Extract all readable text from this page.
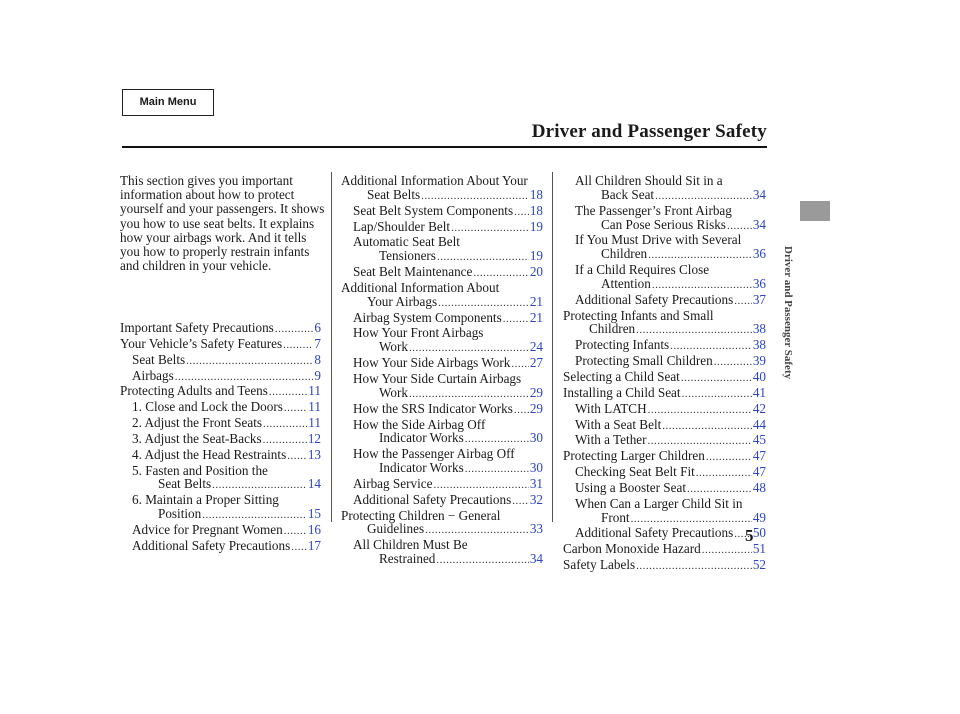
Main Menu
Driver and Passenger Safety
Driver and Passenger Safety

This section gives you important information about how to protect yourself and your passengers. It shows you how to use seat belts. It explains how your airbags work. And it tells you how to properly restrain infants and children in your vehicle.

Important Safety Precautions .....	6
Your Vehicle’s Safety Features ..... 7
Seat Belts .....	8
Airbags .....	9
Protecting Adults and Teens .....	11
1. Close and Lock the Doors ..... 11
2. Adjust the Front Seats .....	11
3. Adjust the Seat-Backs .....	12
4. Adjust the Head Restraints ..... 13
5. Fasten and Position the
Seat Belts .....	14
6. Maintain a Proper Sitting
Position .....	15
Advice for Pregnant Women ..... 16
Additional Safety Precautions ..... 17
Additional Information About Your
Seat Belts .....	18
Seat Belt System Components ..... 18
Lap/Shoulder Belt .....	19
Automatic Seat Belt
Tensioners .....	19
Seat Belt Maintenance .....	20
Additional Information About
Your Airbags .....	21
Airbag System Components ..... 21
How Your Front Airbags
Work .....	24
How Your Side Airbags Work ..... 27
How Your Side Curtain Airbags
Work .....	29
How the SRS Indicator Works ..... 29
How the Side Airbag Off
Indicator Works .....	30
How the Passenger Airbag Off
Indicator Works .....	30
Airbag Service .....	31
Additional Safety Precautions ..... 32
Protecting Children − General
Guidelines .....	33
All Children Must Be
Restrained .....	34
All Children Should Sit in a
Back Seat .....	34
The Passenger’s Front Airbag
Can Pose Serious Risks ..... 34
If You Must Drive with Several
Children .....	36
If a Child Requires Close
Attention .....	36
Additional Safety Precautions ..... 37
Protecting Infants and Small
Children .....	38
Protecting Infants .....	38
Protecting Small Children .....	39
Selecting a Child Seat .....	40
Installing a Child Seat .....	41
With LATCH .....	42
With a Seat Belt .....	44
With a Tether .....	45
Protecting Larger Children .....	47
Checking Seat Belt Fit .....	47
Using a Booster Seat .....	48
When Can a Larger Child Sit in
Front .....	49
Additional Safety Precautions ..... 50
Carbon Monoxide Hazard .....	51
Safety Labels .....	52
5
